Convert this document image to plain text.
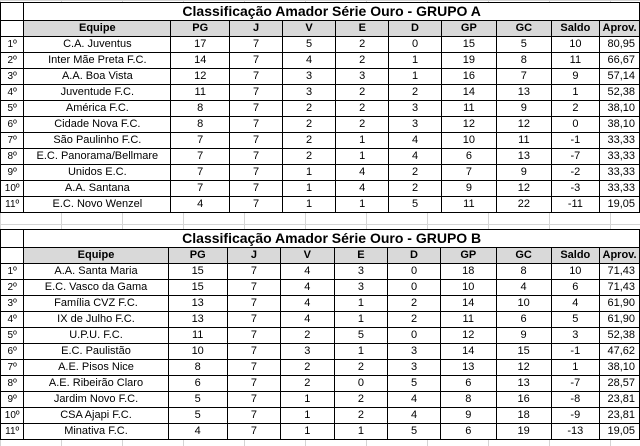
	Classificação Amador Série Ouro - GRUPO A									
	Equipe	PG	J	V	E	D	GP	GC	Saldo	Aprov.
1º	C.A. Juventus	17	7	5	2	0	15	5	10	80,95
2º	Inter Mãe Preta F.C.	14	7	4	2	1	19	8	11	66,67
3º	A.A. Boa Vista	12	7	3	3	1	16	7	9	57,14
4º	Juventude F.C.	11	7	3	2	2	14	13	1	52,38
5º	América F.C.	8	7	2	2	3	11	9	2	38,10
6º	Cidade Nova F.C.	8	7	2	2	3	12	12	0	38,10
7º	São Paulinho F.C.	7	7	2	1	4	10	11	-1	33,33
8º	E.C. Panorama/Bellmare	7	7	2	1	4	6	13	-7	33,33
9º	Unidos E.C.	7	7	1	4	2	7	9	-2	33,33
10º	A.A. Santana	7	7	1	4	2	9	12	-3	33,33
11º	E.C. Novo Wenzel	4	7	1	1	5	11	22	-11	19,05
	Classificação Amador Série Ouro - GRUPO B									
	Equipe	PG	J	V	E	D	GP	GC	Saldo	Aprov.
1º	A.A. Santa Maria	15	7	4	3	0	18	8	10	71,43
2º	E.C. Vasco da Gama	15	7	4	3	0	10	4	6	71,43
3º	Família CVZ F.C.	13	7	4	1	2	14	10	4	61,90
4º	IX de Julho F.C.	13	7	4	1	2	11	6	5	61,90
5º	U.P.U. F.C.	11	7	2	5	0	12	9	3	52,38
6º	E.C. Paulistão	10	7	3	1	3	14	15	-1	47,62
7º	A.E. Pisos Nice	8	7	2	2	3	13	12	1	38,10
8º	A.E. Ribeirão Claro	6	7	2	0	5	6	13	-7	28,57
9º	Jardim Novo F.C.	5	7	1	2	4	8	16	-8	23,81
10º	CSA Ajapi F.C.	5	7	1	2	4	9	18	-9	23,81
11º	Minativa F.C.	4	7	1	1	5	6	19	-13	19,05
